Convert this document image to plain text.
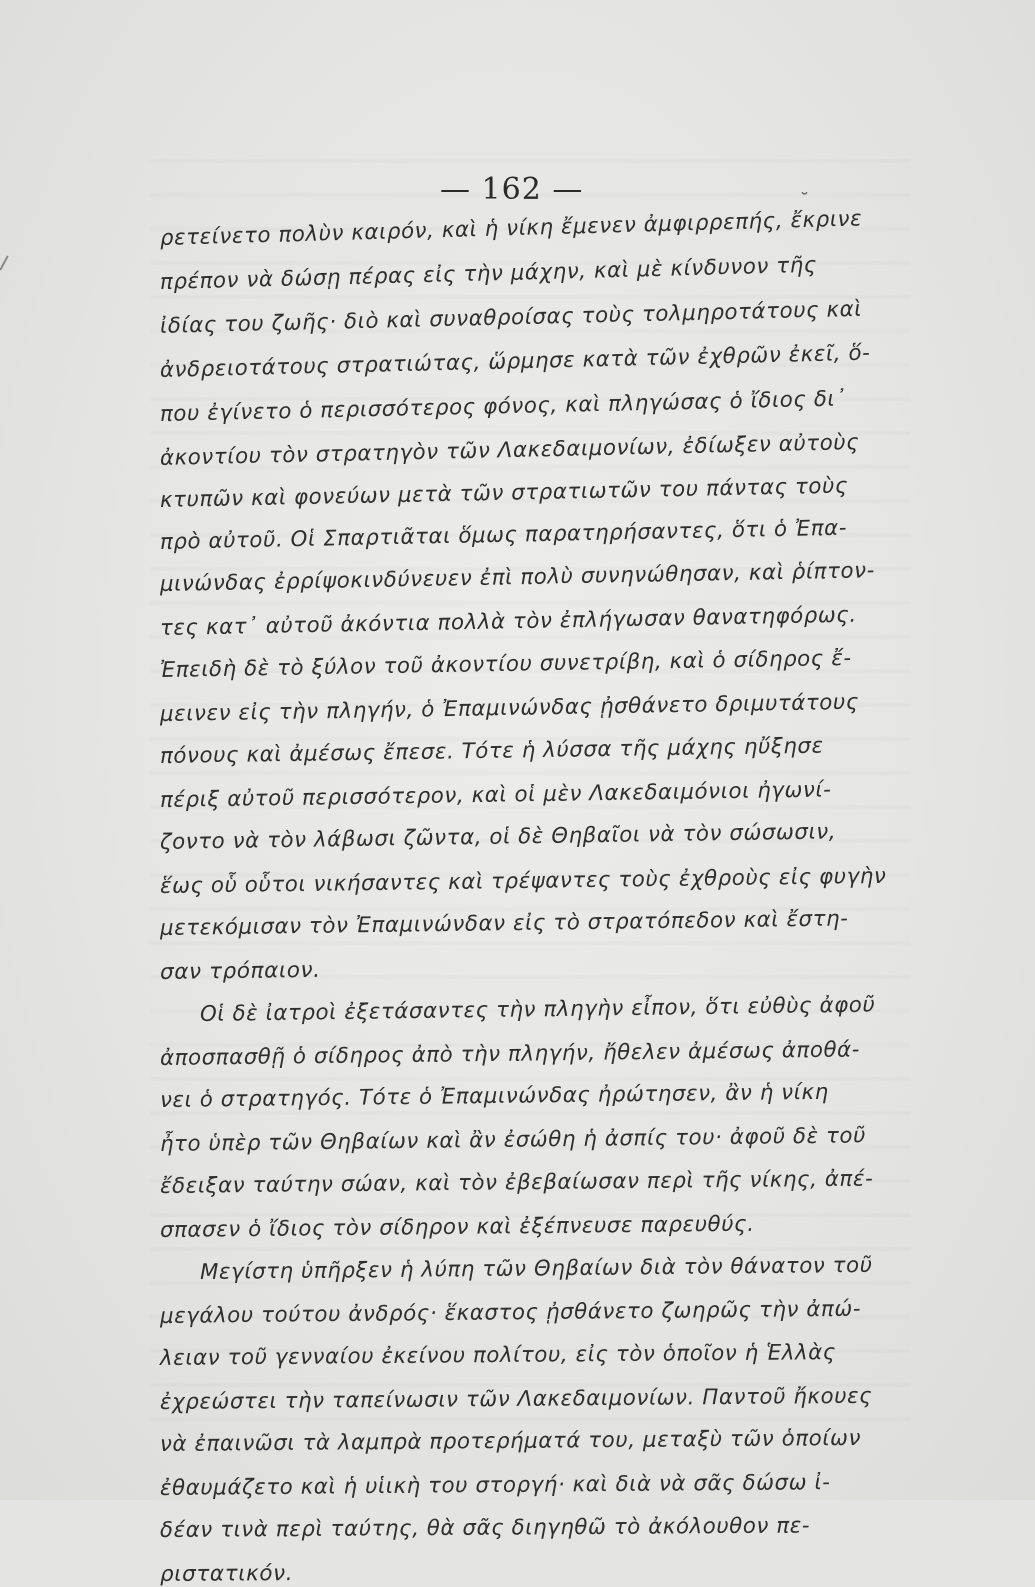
— 162 —	˘
ρετείνετο πολὺν καιρόν, καὶ ἡ νίκη ἔμενεν ἀμφιρρεπής, ἔκρινε
πρέπον νὰ δώσῃ πέρας εἰς τὴν μάχην, καὶ μὲ κίνδυνον τῆς
ἰδίας του ζωῆς· διὸ καὶ συναθροίσας τοὺς τολμηροτάτους καὶ
ἀνδρειοτάτους στρατιώτας, ὥρμησε κατὰ τῶν ἐχθρῶν ἐκεῖ, ὅ-
που ἐγίνετο ὁ περισσότερος φόνος, καὶ πληγώσας ὁ ἴδιος δι᾿
ἀκοντίου τὸν στρατηγὸν τῶν Λακεδαιμονίων, ἐδίωξεν αὐτοὺς
κτυπῶν καὶ φονεύων μετὰ τῶν στρατιωτῶν του πάντας τοὺς
πρὸ αὐτοῦ. Οἱ Σπαρτιᾶται ὅμως παρατηρήσαντες, ὅτι ὁ Ἐπα-
μινώνδας ἐρρίψοκινδύνευεν ἐπὶ πολὺ συνηνώθησαν, καὶ ῥίπτον-
τες κατ᾿ αὐτοῦ ἀκόντια πολλὰ τὸν ἐπλήγωσαν θανατηφόρως.
Ἐπειδὴ δὲ τὸ ξύλον τοῦ ἀκοντίου συνετρίβη, καὶ ὁ σίδηρος ἔ-
μεινεν εἰς τὴν πληγήν, ὁ Ἐπαμινώνδας ᾐσθάνετο δριμυτάτους
πόνους καὶ ἀμέσως ἔπεσε. Τότε ἡ λύσσα τῆς μάχης ηὔξησε
πέριξ αὐτοῦ περισσότερον, καὶ οἱ μὲν Λακεδαιμόνιοι ἠγωνί-
ζοντο νὰ τὸν λάβωσι ζῶντα, οἱ δὲ Θηβαῖοι νὰ τὸν σώσωσιν,
ἕως οὗ οὗτοι νικήσαντες καὶ τρέψαντες τοὺς ἐχθροὺς εἰς φυγὴν
μετεκόμισαν τὸν Ἐπαμινώνδαν εἰς τὸ στρατόπεδον καὶ ἔστη-
σαν τρόπαιον.
Οἱ δὲ ἰατροὶ ἐξετάσαντες τὴν πληγὴν εἶπον, ὅτι εὐθὺς ἀφοῦ
ἀποσπασθῇ ὁ σίδηρος ἀπὸ τὴν πληγήν, ἤθελεν ἀμέσως ἀποθά-
νει ὁ στρατηγός. Τότε ὁ Ἐπαμινώνδας ἠρώτησεν, ἂν ἡ νίκη
ἦτο ὑπὲρ τῶν Θηβαίων καὶ ἂν ἐσώθη ἡ ἀσπίς του· ἀφοῦ δὲ τοῦ
ἔδειξαν ταύτην σώαν, καὶ τὸν ἐβεβαίωσαν περὶ τῆς νίκης, ἀπέ-
σπασεν ὁ ἴδιος τὸν σίδηρον καὶ ἐξέπνευσε παρευθύς.
Μεγίστη ὑπῆρξεν ἡ λύπη τῶν Θηβαίων διὰ τὸν θάνατον τοῦ
μεγάλου τούτου ἀνδρός· ἕκαστος ᾐσθάνετο ζωηρῶς τὴν ἀπώ-
λειαν τοῦ γενναίου ἐκείνου πολίτου, εἰς τὸν ὁποῖον ἡ Ἑλλὰς
ἐχρεώστει τὴν ταπείνωσιν τῶν Λακεδαιμονίων. Παντοῦ ἤκουες
νὰ ἐπαινῶσι τὰ λαμπρὰ προτερήματά του, μεταξὺ τῶν ὁποίων
ἐθαυμάζετο καὶ ἡ υἱικὴ του στοργή· καὶ διὰ νὰ σᾶς δώσω ἰ-
δέαν τινὰ περὶ ταύτης, θὰ σᾶς διηγηθῶ τὸ ἀκόλουθον πε-
ριστατικόν.
